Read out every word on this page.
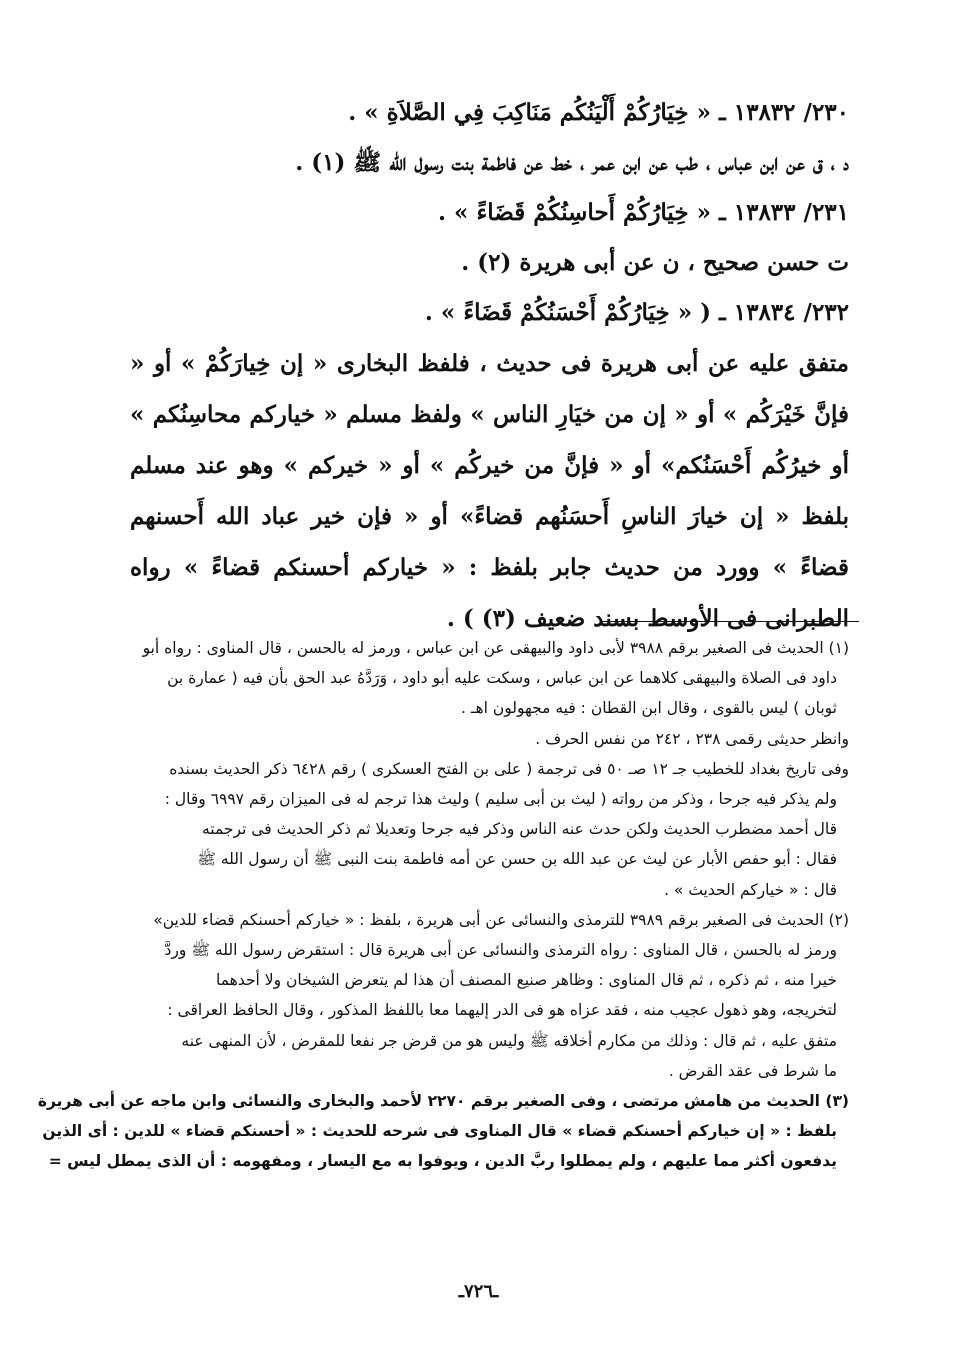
٢٣٠/ ١٣٨٣٢ ـ « خِيَارُكُمْ أَلْيَنُكُم مَنَاكِبَ فِي الصَّلاَةِ » .

د ، ق عن ابن عباس ، طب عن ابن عمر ، خط عن فاطمة بنت رسول الله ﷺ (١) .

٢٣١/ ١٣٨٣٣ ـ « خِيَارُكُمْ أَحاسِنُكُمْ قَضَاءً » .

ت حسن صحيح ، ن عن أبى هريرة (٢) .

٢٣٢/ ١٣٨٣٤ ـ ( « خِيَارُكُمْ أَحْسَنُكُمْ قَضَاءً » .

متفق عليه عن أبى هريرة فى حديث ، فلفظ البخارى « إن خِيارَكُمْ » أو « فإنَّ خَيْرَكُم » أو « إن من خيَارِ الناس » ولفظ مسلم « خياركم محاسِنُكم » أو خيرُكُم أَحْسَنُكم» أو « فإنَّ من خيركُم » أو « خيركم » وهو عند مسلم بلفظ « إن خيارَ الناسِ أَحسَنُهم قضاءً» أو « فإن خير عباد الله أَحسنهم قضاءً » وورد من حديث جابر بلفظ : « خياركم أحسنكم قضاءً » رواه الطبرانى فى الأوسط بسند ضعيف (٣) ) .

(١) الحديث فى الصغير برقم ٣٩٨٨ لأبى داود والبيهقى عن ابن عباس ، ورمز له بالحسن ، قال المناوى : رواه أبو
داود فى الصلاة والبيهقى كلاهما عن ابن عباس ، وسكت عليه أبو داود ، وَرَدَّهُ عبد الحق بأن فيه ( عمارة بن
ثوبان ) ليس بالقوى ، وقال ابن القطان : فيه مجهولون اهـ .
وانظر حديثى رقمى ٢٣٨ ، ٢٤٢ من نفس الحرف .
وفى تاريخ بغداد للخطيب جـ ١٢ صـ ٥٠ فى ترجمة ( على بن الفتح العسكرى ) رقم ٦٤٢٨ ذكر الحديث بسنده
ولم يذكر فيه جرحا ، وذكر من رواته ( ليث بن أبى سليم ) وليث هذا ترجم له فى الميزان رقم ٦٩٩٧ وقال :
قال أحمد مضطرب الحديث ولكن حدث عنه الناس وذكر فيه جرحا وتعديلا ثم ذكر الحديث فى ترجمته
فقال : أبو حفص الأبار عن ليث عن عبد الله بن حسن عن أمه فاطمة بنت النبى ﷺ أن رسول الله ﷺ
قال : « خياركم الحديث » .
(٢) الحديث فى الصغير برقم ٣٩٨٩ للترمذى والنسائى عن أبى هريرة ، بلفظ : « خياركم أحسنكم قضاء للدين»
ورمز له بالحسن ، قال المناوى : رواه الترمذى والنسائى عن أبى هريرة قال : استقرض رسول الله ﷺ وردَّ
خيرا منه ، ثم ذكره ، ثم قال المناوى : وظاهر صنيع المصنف أن هذا لم يتعرض الشيخان ولا أحدهما
لتخريجه، وهو ذهول عجيب منه ، فقد عزاه هو فى الدر إليهما معا باللفظ المذكور ، وقال الحافظ العراقى :
متفق عليه ، ثم قال : وذلك من مكارم أخلاقه ﷺ وليس هو من قرض جر نفعا للمقرض ، لأن المنهى عنه
ما شرط فى عقد القرض .
(٣) الحديث من هامش مرتضى ، وفى الصغير برقم ٢٢٧٠ لأحمد والبخارى والنسائى وابن ماجه عن أبى هريرة
بلفظ : « إن خياركم أحسنكم قضاء » قال المناوى فى شرحه للحديث : « أحسنكم قضاء » للدين : أى الذين
يدفعون أكثر مما عليهم ، ولم يمطلوا ربَّ الدين ، ويوفوا به مع اليسار ، ومفهومه : أن الذى يمطل ليس =
ـ٧٢٦ـ
